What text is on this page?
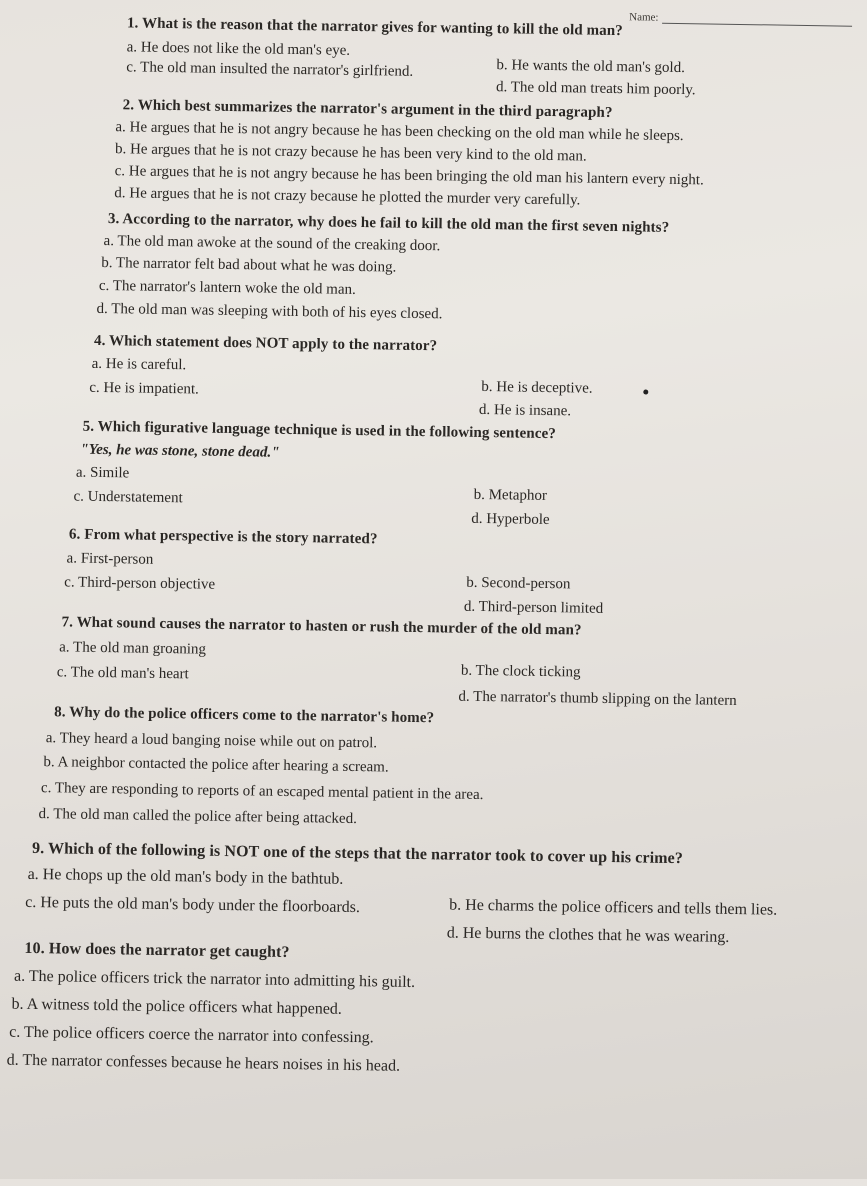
Name:
1. What is the reason that the narrator gives for wanting to kill the old man?
a. He does not like the old man's eye.
b. He wants the old man's gold.
c. The old man insulted the narrator's girlfriend.
d. The old man treats him poorly.
2. Which best summarizes the narrator's argument in the third paragraph?
a. He argues that he is not angry because he has been checking on the old man while he sleeps.
b. He argues that he is not crazy because he has been very kind to the old man.
c. He argues that he is not angry because he has been bringing the old man his lantern every night.
d. He argues that he is not crazy because he plotted the murder very carefully.
3. According to the narrator, why does he fail to kill the old man the first seven nights?
a. The old man awoke at the sound of the creaking door.
b. The narrator felt bad about what he was doing.
c. The narrator's lantern woke the old man.
d. The old man was sleeping with both of his eyes closed.
4. Which statement does NOT apply to the narrator?
a. He is careful.
b. He is deceptive.
c. He is impatient.
d. He is insane.
5. Which figurative language technique is used in the following sentence?
"Yes, he was stone, stone dead."
a. Simile
b. Metaphor
c. Understatement
d. Hyperbole
6. From what perspective is the story narrated?
a. First-person
b. Second-person
c. Third-person objective
d. Third-person limited
7. What sound causes the narrator to hasten or rush the murder of the old man?
a. The old man groaning
b. The clock ticking
c. The old man's heart
d. The narrator's thumb slipping on the lantern
8. Why do the police officers come to the narrator's home?
a. They heard a loud banging noise while out on patrol.
b. A neighbor contacted the police after hearing a scream.
c. They are responding to reports of an escaped mental patient in the area.
d. The old man called the police after being attacked.
9. Which of the following is NOT one of the steps that the narrator took to cover up his crime?
a. He chops up the old man's body in the bathtub.
b. He charms the police officers and tells them lies.
c. He puts the old man's body under the floorboards.
d. He burns the clothes that he was wearing.
10. How does the narrator get caught?
a. The police officers trick the narrator into admitting his guilt.
b. A witness told the police officers what happened.
c. The police officers coerce the narrator into confessing.
d. The narrator confesses because he hears noises in his head.
